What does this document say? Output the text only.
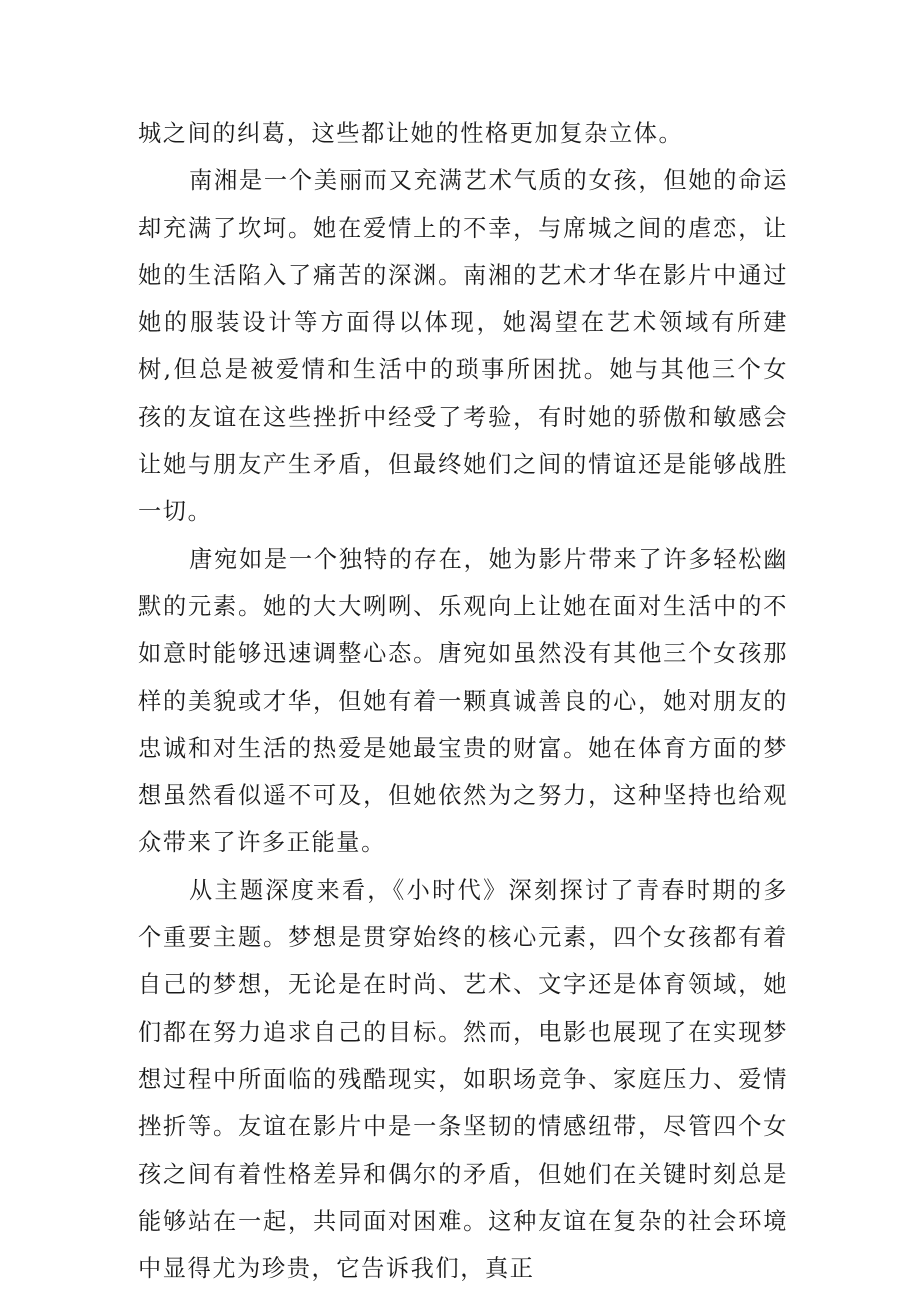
城之间的纠葛，这些都让她的性格更加复杂立体。

南湘是一个美丽而又充满艺术气质的女孩，但她的命运却充满了坎坷。她在爱情上的不幸，与席城之间的虐恋，让她的生活陷入了痛苦的深渊。南湘的艺术才华在影片中通过她的服装设计等方面得以体现，她渴望在艺术领域有所建树,但总是被爱情和生活中的琐事所困扰。她与其他三个女孩的友谊在这些挫折中经受了考验，有时她的骄傲和敏感会让她与朋友产生矛盾，但最终她们之间的情谊还是能够战胜一切。

唐宛如是一个独特的存在，她为影片带来了许多轻松幽默的元素。她的大大咧咧、乐观向上让她在面对生活中的不如意时能够迅速调整心态。唐宛如虽然没有其他三个女孩那样的美貌或才华，但她有着一颗真诚善良的心，她对朋友的忠诚和对生活的热爱是她最宝贵的财富。她在体育方面的梦想虽然看似遥不可及，但她依然为之努力，这种坚持也给观众带来了许多正能量。

从主题深度来看，《小时代》深刻探讨了青春时期的多个重要主题。梦想是贯穿始终的核心元素，四个女孩都有着自己的梦想，无论是在时尚、艺术、文字还是体育领域，她们都在努力追求自己的目标。然而，电影也展现了在实现梦想过程中所面临的残酷现实，如职场竞争、家庭压力、爱情挫折等。友谊在影片中是一条坚韧的情感纽带，尽管四个女孩之间有着性格差异和偶尔的矛盾，但她们在关键时刻总是能够站在一起，共同面对困难。这种友谊在复杂的社会环境中显得尤为珍贵，它告诉我们，真正
